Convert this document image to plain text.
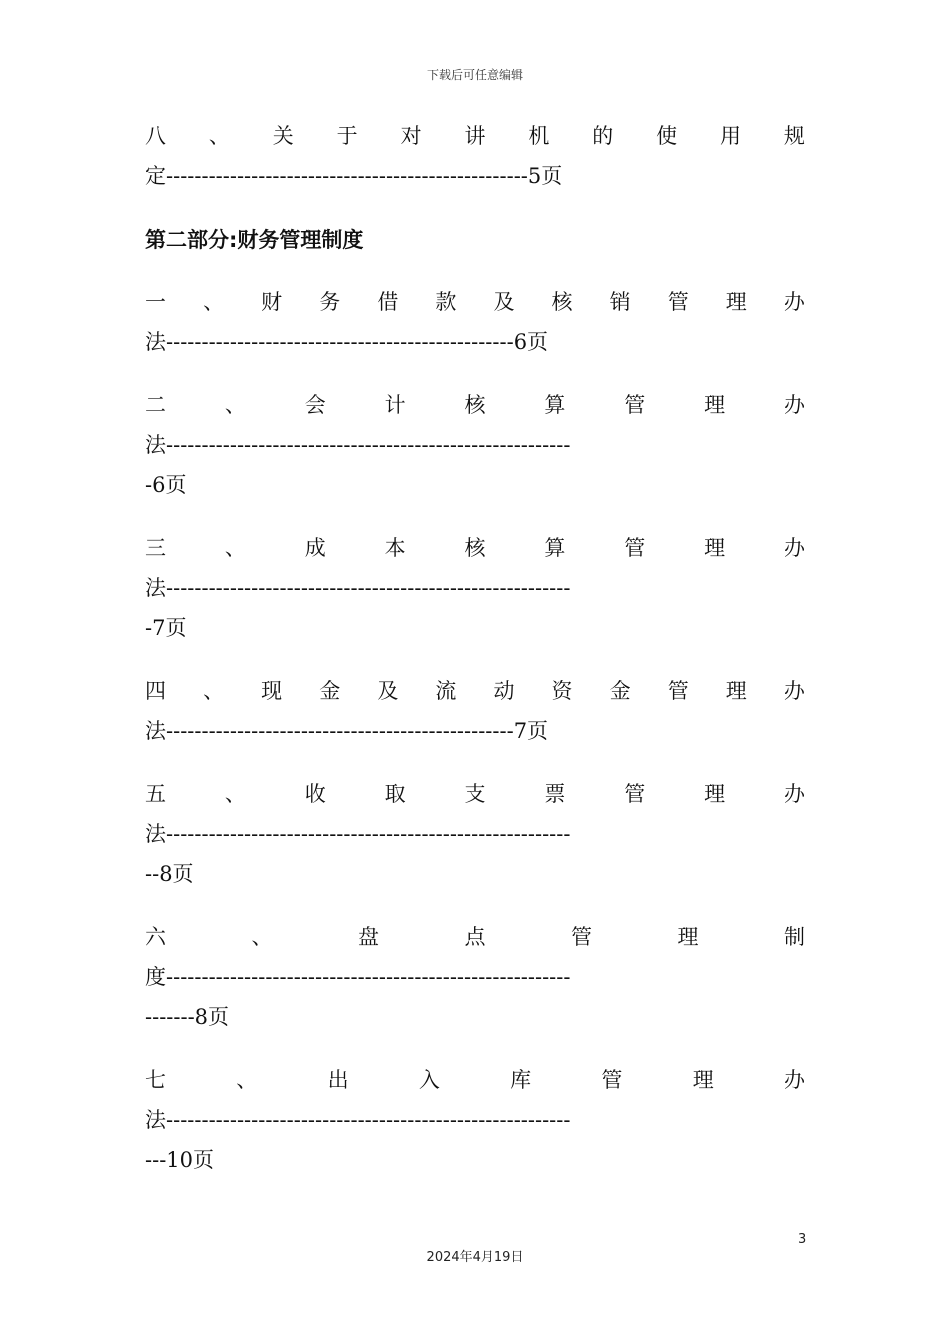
下载后可任意编辑
八 、 关 于 对 讲 机 的 使 用 规
定---------------------------------------------------5页
第二部分:财务管理制度
一 、 财 务 借 款 及 核 销 管 理 办
法-------------------------------------------------6页
二	、	会	计	核	算	管	理	办
法---------------------------------------------------------
-6页
三	、	成	本	核	算	管	理	办
法---------------------------------------------------------
-7页
四 、 现 金 及 流 动 资 金 管 理 办
法-------------------------------------------------7页
五	、	收	取	支	票	管	理	办
法---------------------------------------------------------
--8页
六	、	盘	点	管	理	制
度---------------------------------------------------------
-------8页
七	、	出	入	库	管	理	办
法---------------------------------------------------------
---10页
3
2024年4月19日
